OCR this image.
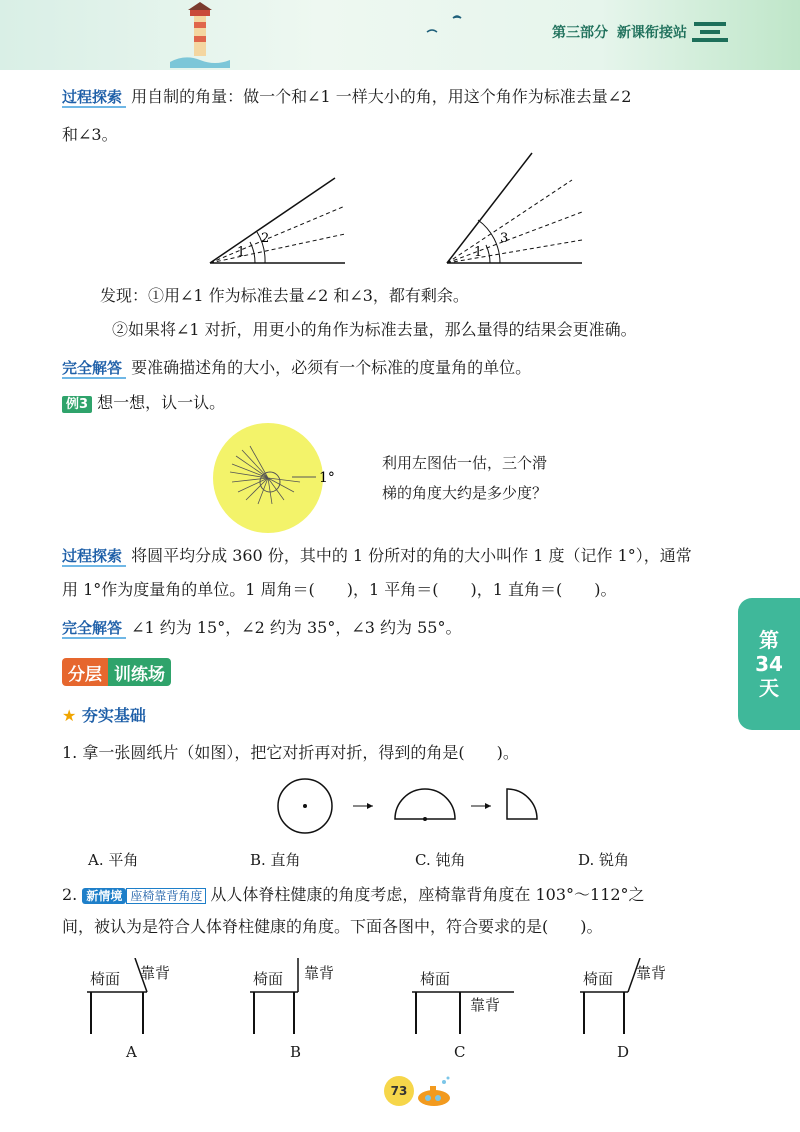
第三部分 新课衔接站
第
34
天
过程探索 用自制的角量：做一个和∠1 一样大小的角，用这个角作为标准去量∠2
和∠3。
1
2
1
3
发现：①用∠1 作为标准去量∠2 和∠3，都有剩余。
②如果将∠1 对折，用更小的角作为标准去量，那么量得的结果会更准确。
完全解答 要准确描述角的大小，必须有一个标准的度量角的单位。
例3 想一想，认一认。
1°
利用左图估一估，三个滑
梯的角度大约是多少度？
过程探索 将圆平均分成 360 份，其中的 1 份所对的角的大小叫作 1 度（记作 1°），通常
用 1°作为度量角的单位。1 周角＝(　　)，1 平角＝(　　)，1 直角＝(　　)。
完全解答 ∠1 约为 15°，∠2 约为 35°，∠3 约为 55°。
分层 训练场
★ 夯实基础
1. 拿一张圆纸片（如图），把它对折再对折，得到的角是(　　)。
A. 平角	B. 直角	C. 钝角	D. 锐角
2. 新情境 座椅靠背角度 从人体脊柱健康的角度考虑，座椅靠背角度在 103°～112°之
间，被认为是符合人体脊柱健康的角度。下面各图中，符合要求的是(　　)。
椅面 靠背
A
椅面 靠背
B
椅面
靠背
C
椅面 靠背
D
73
